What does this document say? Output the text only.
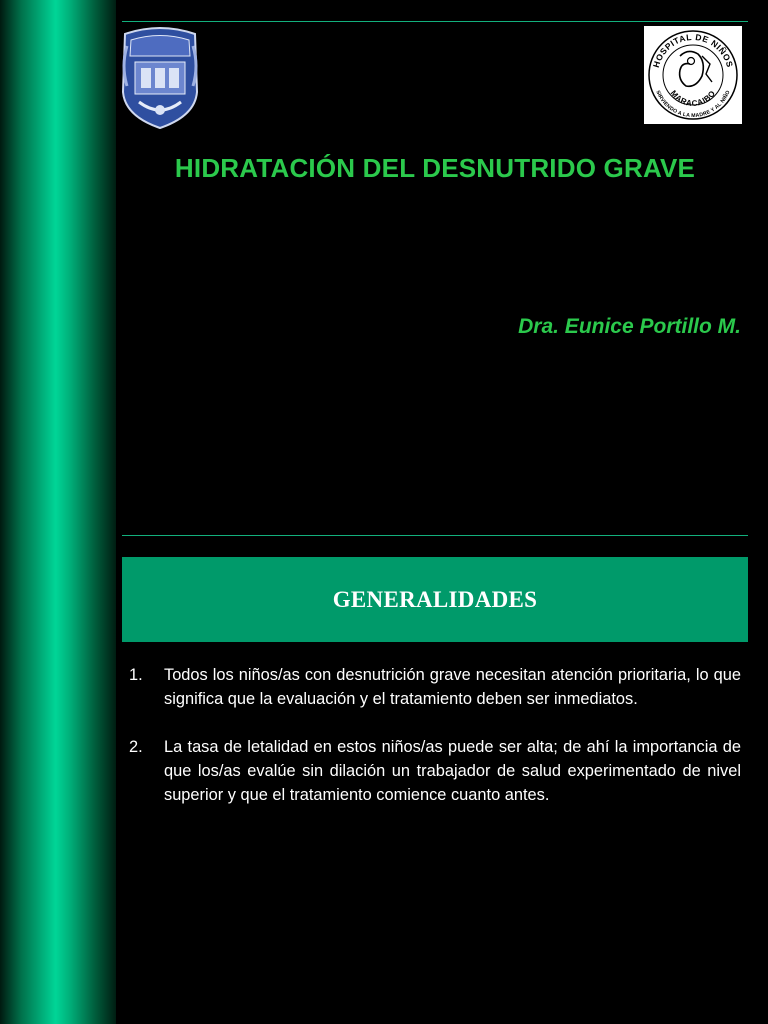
HOSPITAL DE NIÑOS
MARACAIBO
SIRVIENDO A LA MADRE Y AL NIÑO
HIDRATACIÓN DEL DESNUTRIDO GRAVE
Dra. Eunice Portillo M.
GENERALIDADES
1.	Todos los niños/as con desnutrición grave necesitan atención prioritaria, lo que significa que la evaluación y el tratamiento deben ser inmediatos.
2.	La tasa de letalidad en estos niños/as puede ser alta; de ahí la importancia de que los/as evalúe sin dilación un trabajador de salud experimentado de nivel superior y que el tratamiento comience cuanto antes.
